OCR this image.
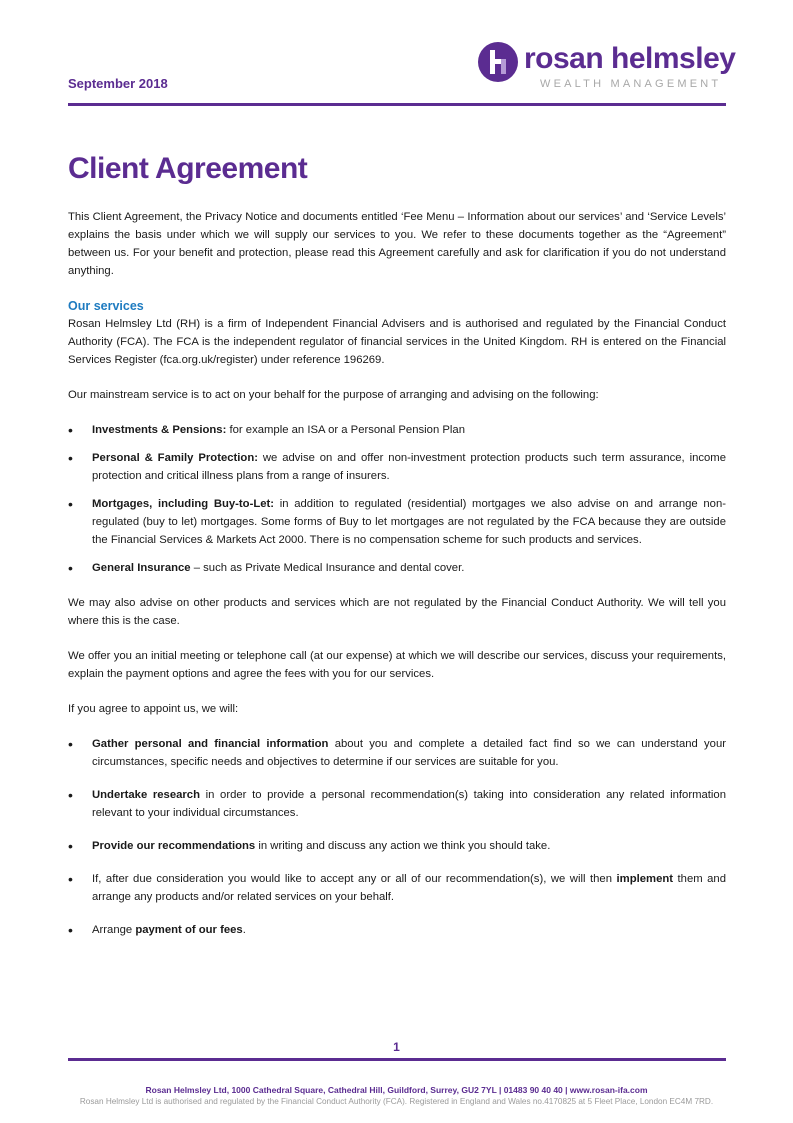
September 2018
rosan helmsley
WEALTH MANAGEMENT
Client Agreement

This Client Agreement, the Privacy Notice and documents entitled ‘Fee Menu – Information about our services’ and ‘Service Levels’ explains the basis under which we will supply our services to you. We refer to these documents together as the “Agreement” between us. For your benefit and protection, please read this Agreement carefully and ask for clarification if you do not understand anything.

Our services

Rosan Helmsley Ltd (RH) is a firm of Independent Financial Advisers and is authorised and regulated by the Financial Conduct Authority (FCA). The FCA is the independent regulator of financial services in the United Kingdom. RH is entered on the Financial Services Register (fca.org.uk/register) under reference 196269.

Our mainstream service is to act on your behalf for the purpose of arranging and advising on the following:

• Investments & Pensions: for example an ISA or a Personal Pension Plan
• Personal & Family Protection: we advise on and offer non-investment protection products such term assurance, income protection and critical illness plans from a range of insurers.
• Mortgages, including Buy-to-Let: in addition to regulated (residential) mortgages we also advise on and arrange non-regulated (buy to let) mortgages. Some forms of Buy to let mortgages are not regulated by the FCA because they are outside the Financial Services & Markets Act 2000. There is no compensation scheme for such products and services.
• General Insurance – such as Private Medical Insurance and dental cover.

We may also advise on other products and services which are not regulated by the Financial Conduct Authority. We will tell you where this is the case.

We offer you an initial meeting or telephone call (at our expense) at which we will describe our services, discuss your requirements, explain the payment options and agree the fees with you for our services.

If you agree to appoint us, we will:

• Gather personal and financial information about you and complete a detailed fact find so we can understand your circumstances, specific needs and objectives to determine if our services are suitable for you.
• Undertake research in order to provide a personal recommendation(s) taking into consideration any related information relevant to your individual circumstances.
• Provide our recommendations in writing and discuss any action we think you should take.
• If, after due consideration you would like to accept any or all of our recommendation(s), we will then implement them and arrange any products and/or related services on your behalf.
• Arrange payment of our fees.
1
Rosan Helmsley Ltd, 1000 Cathedral Square, Cathedral Hill, Guildford, Surrey, GU2 7YL | 01483 90 40 40 | www.rosan-ifa.com
Rosan Helmsley Ltd is authorised and regulated by the Financial Conduct Authority (FCA). Registered in England and Wales no.4170825 at 5 Fleet Place, London EC4M 7RD.
